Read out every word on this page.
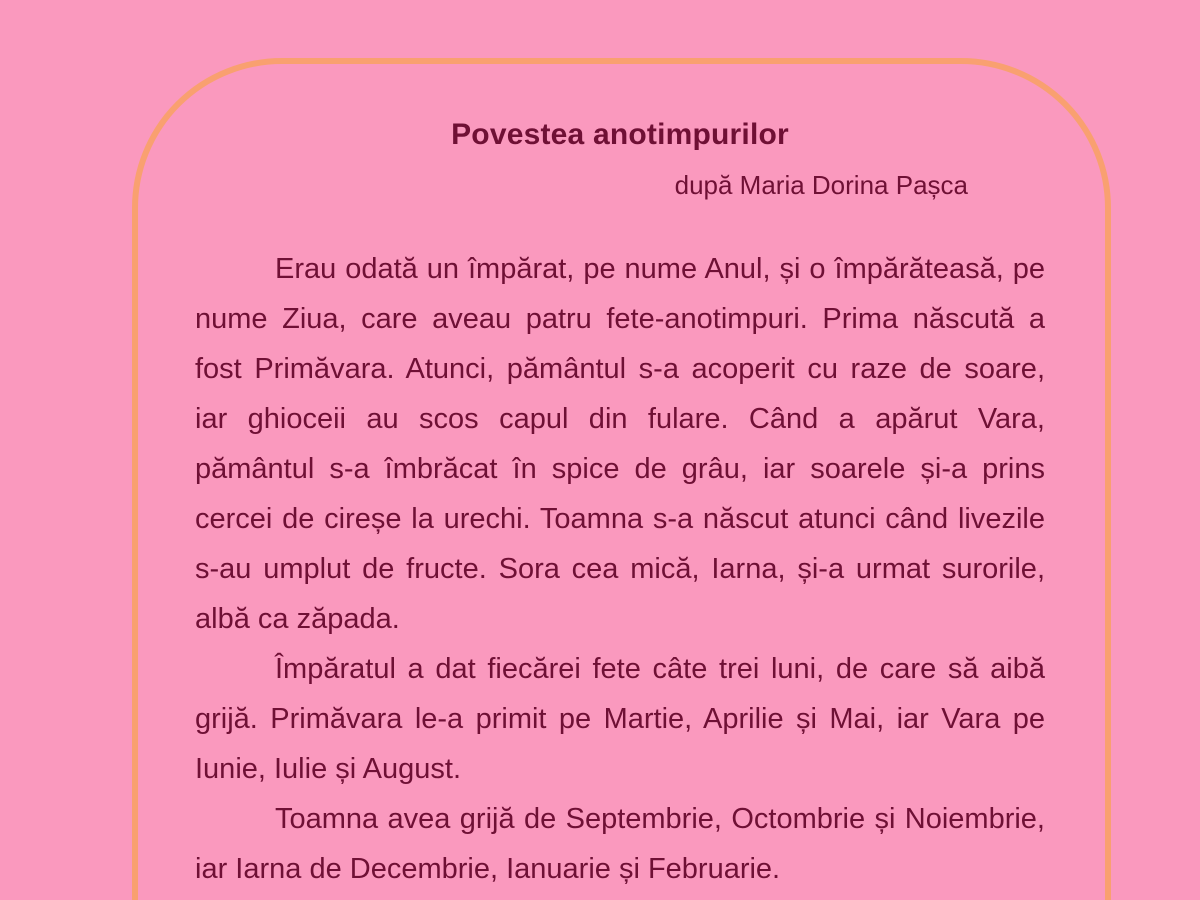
Povestea anotimpurilor
după Maria Dorina Pașca
Erau odată un împărat, pe nume Anul, și o împărăteasă, pe
nume Ziua, care aveau patru fete-anotimpuri. Prima născută a
fost Primăvara. Atunci, pământul s-a acoperit cu raze de soare,
iar ghioceii au scos capul din fulare. Când a apărut Vara,
pământul s-a îmbrăcat în spice de grâu, iar soarele și-a prins
cercei de cireșe la urechi. Toamna s-a născut atunci când livezile
s-au umplut de fructe. Sora cea mică, Iarna, și-a urmat surorile,
albă ca zăpada.
Împăratul a dat fiecărei fete câte trei luni, de care să aibă
grijă. Primăvara le-a primit pe Martie, Aprilie și Mai, iar Vara pe
Iunie, Iulie și August.
Toamna avea grijă de Septembrie, Octombrie și Noiembrie,
iar Iarna de Decembrie, Ianuarie și Februarie.
